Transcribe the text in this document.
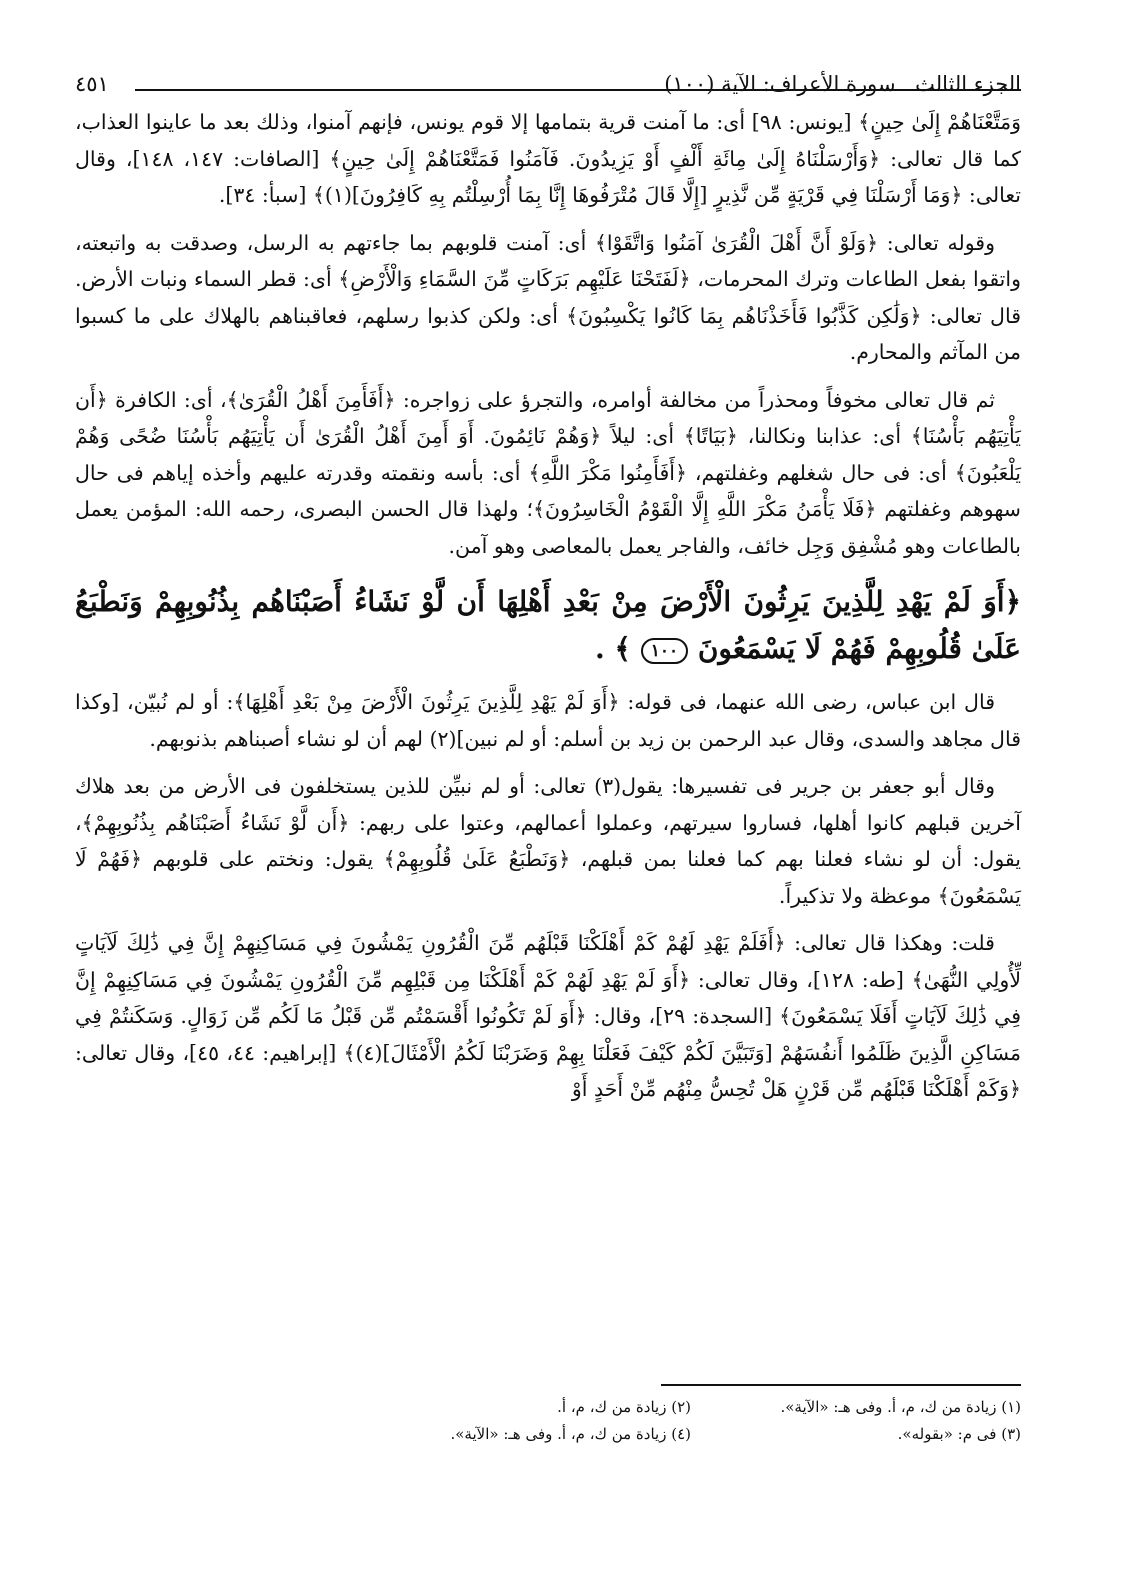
الجزء الثالث ـ سورة الأعراف: الآية (١٠٠)
٤٥١

وَمَتَّعْنَاهُمْ إِلَىٰ حِينٍ﴾ [يونس: ٩٨] أى: ما آمنت قرية بتمامها إلا قوم يونس، فإنهم آمنوا، وذلك بعد ما عاينوا العذاب، كما قال تعالى: ﴿وَأَرْسَلْنَاهُ إِلَىٰ مِائَةِ أَلْفٍ أَوْ يَزِيدُونَ. فَآمَنُوا فَمَتَّعْنَاهُمْ إِلَىٰ حِينٍ﴾ [الصافات: ١٤٧، ١٤٨]، وقال تعالى: ﴿وَمَا أَرْسَلْنَا فِي قَرْيَةٍ مِّن نَّذِيرٍ [إِلَّا قَالَ مُتْرَفُوهَا إِنَّا بِمَا أُرْسِلْتُم بِهِ كَافِرُونَ](١)﴾ [سبأ: ٣٤].

وقوله تعالى: ﴿وَلَوْ أَنَّ أَهْلَ الْقُرَىٰ آمَنُوا وَاتَّقَوْا﴾ أى: آمنت قلوبهم بما جاءتهم به الرسل، وصدقت به واتبعته، واتقوا بفعل الطاعات وترك المحرمات، ﴿لَفَتَحْنَا عَلَيْهِم بَرَكَاتٍ مِّنَ السَّمَاءِ وَالْأَرْضِ﴾ أى: قطر السماء ونبات الأرض. قال تعالى: ﴿وَلَٰكِن كَذَّبُوا فَأَخَذْنَاهُم بِمَا كَانُوا يَكْسِبُونَ﴾ أى: ولكن كذبوا رسلهم، فعاقبناهم بالهلاك على ما كسبوا من المآثم والمحارم.

ثم قال تعالى مخوفاً ومحذراً من مخالفة أوامره، والتجرؤ على زواجره: ﴿أَفَأَمِنَ أَهْلُ الْقُرَىٰ﴾، أى: الكافرة ﴿أَن يَأْتِيَهُم بَأْسُنَا﴾ أى: عذابنا ونكالنا، ﴿بَيَاتًا﴾ أى: ليلاً ﴿وَهُمْ نَائِمُونَ. أَوَ أَمِنَ أَهْلُ الْقُرَىٰ أَن يَأْتِيَهُم بَأْسُنَا ضُحًى وَهُمْ يَلْعَبُونَ﴾ أى: فى حال شغلهم وغفلتهم، ﴿أَفَأَمِنُوا مَكْرَ اللَّهِ﴾ أى: بأسه ونقمته وقدرته عليهم وأخذه إياهم فى حال سهوهم وغفلتهم ﴿فَلَا يَأْمَنُ مَكْرَ اللَّهِ إِلَّا الْقَوْمُ الْخَاسِرُونَ﴾؛ ولهذا قال الحسن البصرى، رحمه الله: المؤمن يعمل بالطاعات وهو مُشْفِق وَجِل خائف، والفاجر يعمل بالمعاصى وهو آمن.

﴿أَوَ لَمْ يَهْدِ لِلَّذِينَ يَرِثُونَ الْأَرْضَ مِنْ بَعْدِ أَهْلِهَا أَن لَّوْ نَشَاءُ أَصَبْنَاهُم بِذُنُوبِهِمْ وَنَطْبَعُ عَلَىٰ قُلُوبِهِمْ فَهُمْ لَا يَسْمَعُونَ ١٠٠ ﴾ .

قال ابن عباس، رضى الله عنهما، فى قوله: ﴿أَوَ لَمْ يَهْدِ لِلَّذِينَ يَرِثُونَ الْأَرْضَ مِنْ بَعْدِ أَهْلِهَا﴾: أو لم نُبيّن، [وكذا قال مجاهد والسدى، وقال عبد الرحمن بن زيد بن أسلم: أو لم نبين](٢) لهم أن لو نشاء أصبناهم بذنوبهم.

وقال أبو جعفر بن جرير فى تفسيرها: يقول(٣) تعالى: أو لم نبيِّن للذين يستخلفون فى الأرض من بعد هلاك آخرين قبلهم كانوا أهلها، فساروا سيرتهم، وعملوا أعمالهم، وعتوا على ربهم: ﴿أَن لَّوْ نَشَاءُ أَصَبْنَاهُم بِذُنُوبِهِمْ﴾، يقول: أن لو نشاء فعلنا بهم كما فعلنا بمن قبلهم، ﴿وَنَطْبَعُ عَلَىٰ قُلُوبِهِمْ﴾ يقول: ونختم على قلوبهم ﴿فَهُمْ لَا يَسْمَعُونَ﴾ موعظة ولا تذكيراً.

قلت: وهكذا قال تعالى: ﴿أَفَلَمْ يَهْدِ لَهُمْ كَمْ أَهْلَكْنَا قَبْلَهُم مِّنَ الْقُرُونِ يَمْشُونَ فِي مَسَاكِنِهِمْ إِنَّ فِي ذَٰلِكَ لَآيَاتٍ لِّأُولِي النُّهَىٰ﴾ [طه: ١٢٨]، وقال تعالى: ﴿أَوَ لَمْ يَهْدِ لَهُمْ كَمْ أَهْلَكْنَا مِن قَبْلِهِم مِّنَ الْقُرُونِ يَمْشُونَ فِي مَسَاكِنِهِمْ إِنَّ فِي ذَٰلِكَ لَآيَاتٍ أَفَلَا يَسْمَعُونَ﴾ [السجدة: ٢٩]، وقال: ﴿أَوَ لَمْ تَكُونُوا أَقْسَمْتُم مِّن قَبْلُ مَا لَكُم مِّن زَوَالٍ. وَسَكَنتُمْ فِي مَسَاكِنِ الَّذِينَ ظَلَمُوا أَنفُسَهُمْ [وَتَبَيَّنَ لَكُمْ كَيْفَ فَعَلْنَا بِهِمْ وَضَرَبْنَا لَكُمُ الْأَمْثَالَ](٤)﴾ [إبراهيم: ٤٤، ٤٥]، وقال تعالى: ﴿وَكَمْ أَهْلَكْنَا قَبْلَهُم مِّن قَرْنٍ هَلْ تُحِسُّ مِنْهُم مِّنْ أَحَدٍ أَوْ

(١) زيادة من ك، م، أ. وفى هـ: «الآية».
(٢) زيادة من ك، م، أ.
(٣) فى م: «بقوله».
(٤) زيادة من ك، م، أ. وفى هـ: «الآية».
